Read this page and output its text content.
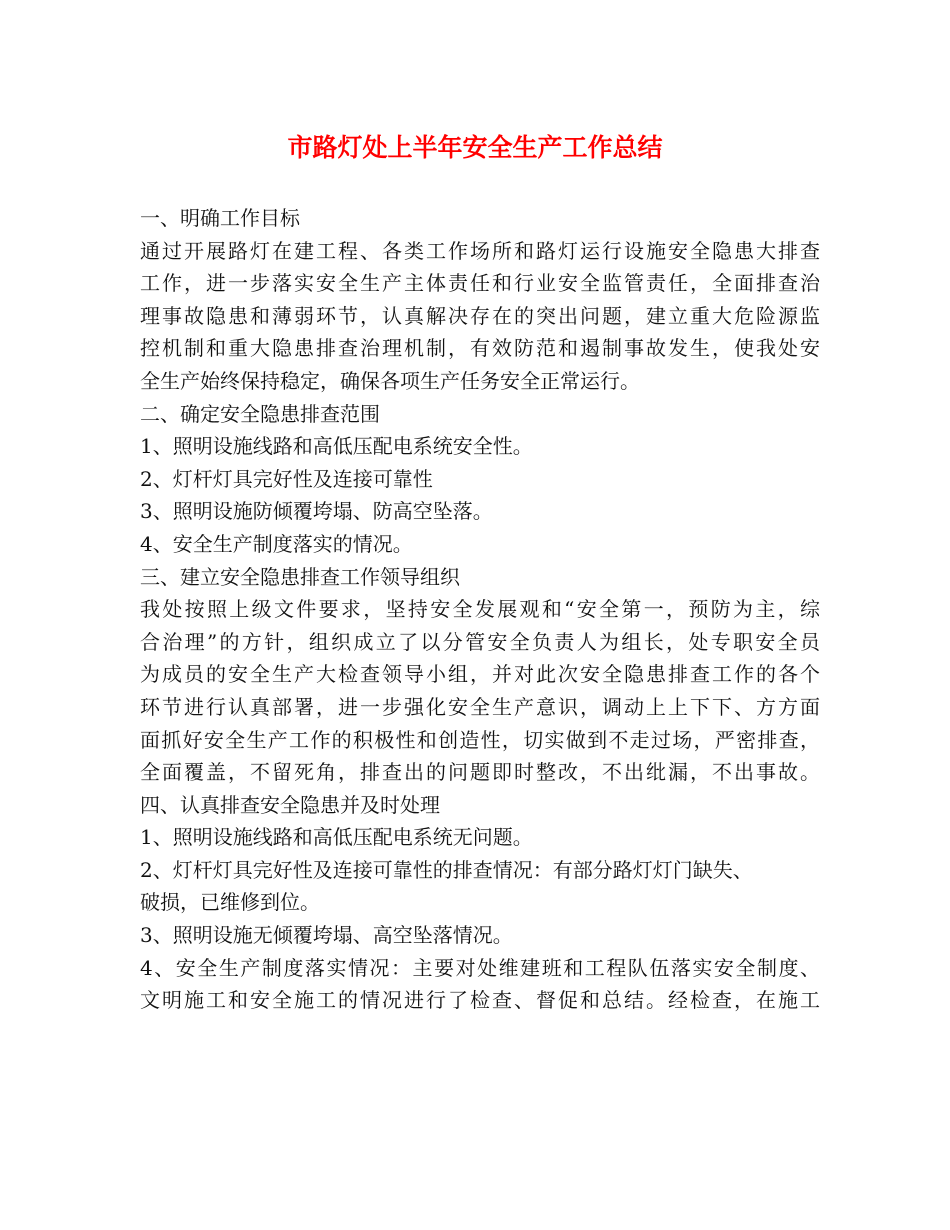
市路灯处上半年安全生产工作总结
一、明确工作目标
通过开展路灯在建工程、各类工作场所和路灯运行设施安全隐患大排查
工作，进一步落实安全生产主体责任和行业安全监管责任，全面排查治
理事故隐患和薄弱环节，认真解决存在的突出问题，建立重大危险源监
控机制和重大隐患排查治理机制，有效防范和遏制事故发生，使我处安
全生产始终保持稳定，确保各项生产任务安全正常运行。
二、确定安全隐患排查范围
1、照明设施线路和高低压配电系统安全性。
2、灯杆灯具完好性及连接可靠性
3、照明设施防倾覆垮塌、防高空坠落。
4、安全生产制度落实的情况。
三、建立安全隐患排查工作领导组织
我处按照上级文件要求，坚持安全发展观和“安全第一，预防为主，综
合治理”的方针，组织成立了以分管安全负责人为组长，处专职安全员
为成员的安全生产大检查领导小组，并对此次安全隐患排查工作的各个
环节进行认真部署，进一步强化安全生产意识，调动上上下下、方方面
面抓好安全生产工作的积极性和创造性，切实做到不走过场，严密排查，
全面覆盖，不留死角，排查出的问题即时整改，不出纰漏，不出事故。
四、认真排查安全隐患并及时处理
1、照明设施线路和高低压配电系统无问题。
2、灯杆灯具完好性及连接可靠性的排查情况：有部分路灯灯门缺失、
破损，已维修到位。
3、照明设施无倾覆垮塌、高空坠落情况。
4、安全生产制度落实情况：主要对处维建班和工程队伍落实安全制度、
文明施工和安全施工的情况进行了检查、督促和总结。经检查，在施工
